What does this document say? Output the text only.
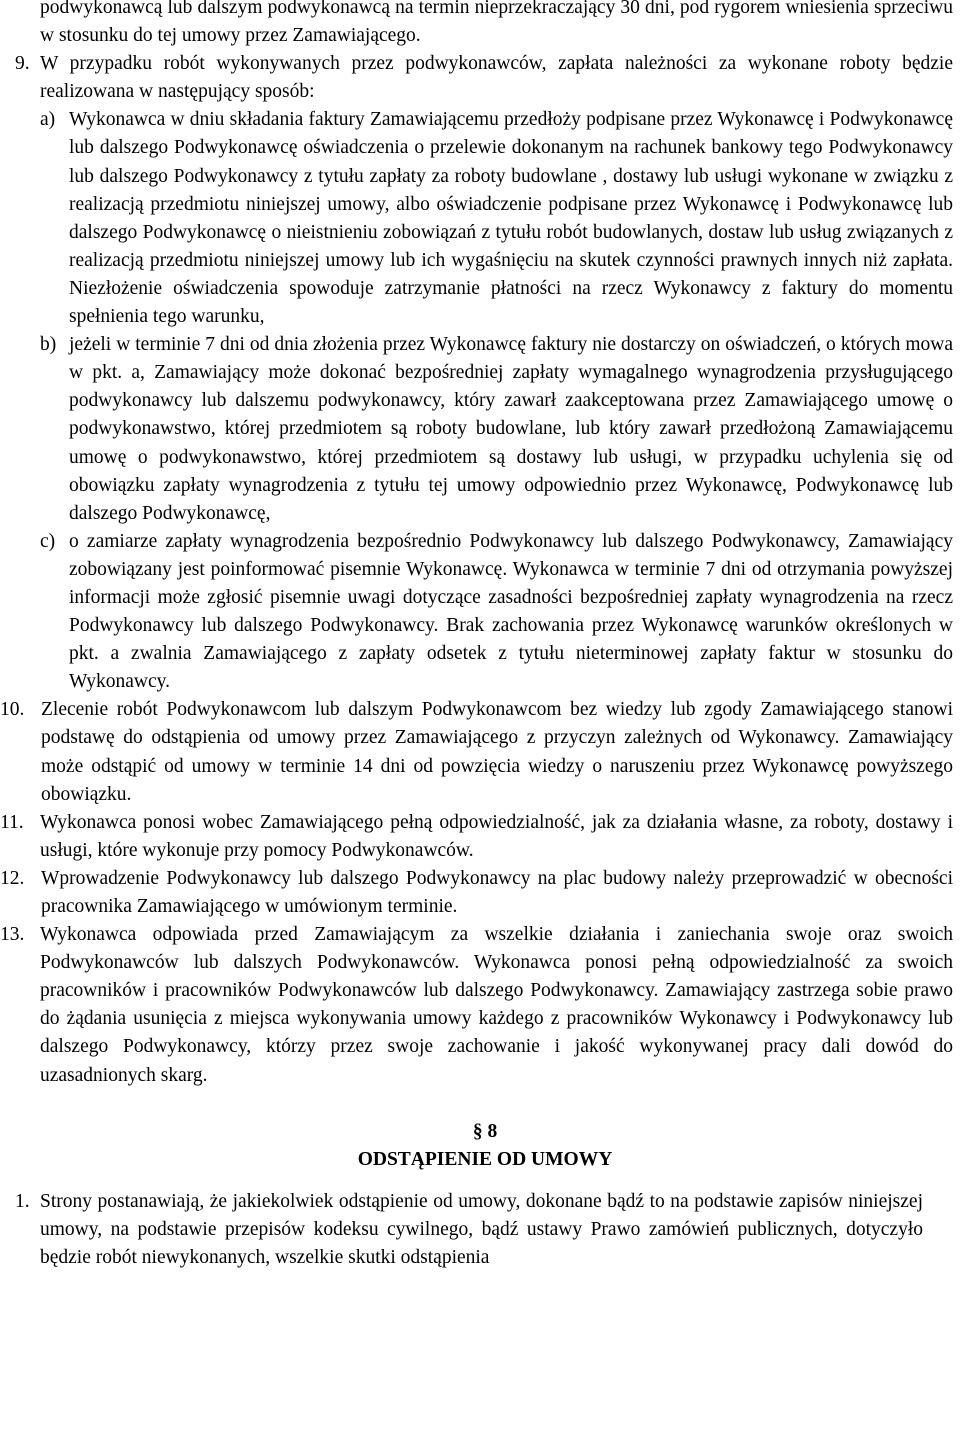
podwykonawcą lub dalszym podwykonawcą na termin nieprzekraczający 30 dni, pod rygorem wniesienia sprzeciwu w stosunku do tej umowy przez Zamawiającego.
9. W przypadku robót wykonywanych przez podwykonawców, zapłata należności za wykonane roboty będzie realizowana w następujący sposób:
a) Wykonawca w dniu składania faktury Zamawiającemu przedłoży podpisane przez Wykonawcę i Podwykonawcę lub dalszego Podwykonawcę oświadczenia o przelewie dokonanym na rachunek bankowy tego Podwykonawcy lub dalszego Podwykonawcy z tytułu zapłaty za roboty budowlane , dostawy lub usługi wykonane w związku z realizacją przedmiotu niniejszej umowy, albo oświadczenie podpisane przez Wykonawcę i Podwykonawcę lub dalszego Podwykonawcę o nieistnieniu zobowiązań z tytułu robót budowlanych, dostaw lub usług związanych z realizacją przedmiotu niniejszej umowy lub ich wygaśnięciu na skutek czynności prawnych innych niż zapłata. Niezłożenie oświadczenia spowoduje zatrzymanie płatności na rzecz Wykonawcy z faktury do momentu spełnienia tego warunku,
b) jeżeli w terminie 7 dni od dnia złożenia przez Wykonawcę faktury nie dostarczy on oświadczeń, o których mowa w pkt. a, Zamawiający może dokonać bezpośredniej zapłaty wymagalnego wynagrodzenia przysługującego podwykonawcy lub dalszemu podwykonawcy, który zawarł zaakceptowana przez Zamawiającego umowę o podwykonawstwo, której przedmiotem są roboty budowlane, lub który zawarł przedłożoną Zamawiającemu umowę o podwykonawstwo, której przedmiotem są dostawy lub usługi, w przypadku uchylenia się od obowiązku zapłaty wynagrodzenia z tytułu tej umowy odpowiednio przez Wykonawcę, Podwykonawcę lub dalszego Podwykonawcę,
c) o zamiarze zapłaty wynagrodzenia bezpośrednio Podwykonawcy lub dalszego Podwykonawcy, Zamawiający zobowiązany jest poinformować pisemnie Wykonawcę. Wykonawca w terminie 7 dni od otrzymania powyższej informacji może zgłosić pisemnie uwagi dotyczące zasadności bezpośredniej zapłaty wynagrodzenia na rzecz Podwykonawcy lub dalszego Podwykonawcy. Brak zachowania przez Wykonawcę warunków określonych w pkt. a zwalnia Zamawiającego z zapłaty odsetek z tytułu nieterminowej zapłaty faktur w stosunku do Wykonawcy.
10. Zlecenie robót Podwykonawcom lub dalszym Podwykonawcom bez wiedzy lub zgody Zamawiającego stanowi podstawę do odstąpienia od umowy przez Zamawiającego z przyczyn zależnych od Wykonawcy. Zamawiający może odstąpić od umowy w terminie 14 dni od powzięcia wiedzy o naruszeniu przez Wykonawcę powyższego obowiązku.
11. Wykonawca ponosi wobec Zamawiającego pełną odpowiedzialność, jak za działania własne, za roboty, dostawy i usługi, które wykonuje przy pomocy Podwykonawców.
12. Wprowadzenie Podwykonawcy lub dalszego Podwykonawcy na plac budowy należy przeprowadzić w obecności pracownika Zamawiającego w umówionym terminie.
13. Wykonawca odpowiada przed Zamawiającym za wszelkie działania i zaniechania swoje oraz swoich Podwykonawców lub dalszych Podwykonawców. Wykonawca ponosi pełną odpowiedzialność za swoich pracowników i pracowników Podwykonawców lub dalszego Podwykonawcy. Zamawiający zastrzega sobie prawo do żądania usunięcia z miejsca wykonywania umowy każdego z pracowników Wykonawcy i Podwykonawcy lub dalszego Podwykonawcy, którzy przez swoje zachowanie i jakość wykonywanej pracy dali dowód do uzasadnionych skarg.
§ 8
ODSTĄPIENIE OD UMOWY
1. Strony postanawiają, że jakiekolwiek odstąpienie od umowy, dokonane bądź to na podstawie zapisów niniejszej umowy, na podstawie przepisów kodeksu cywilnego, bądź ustawy Prawo zamówień publicznych, dotyczyło będzie robót niewykonanych, wszelkie skutki odstąpienia
